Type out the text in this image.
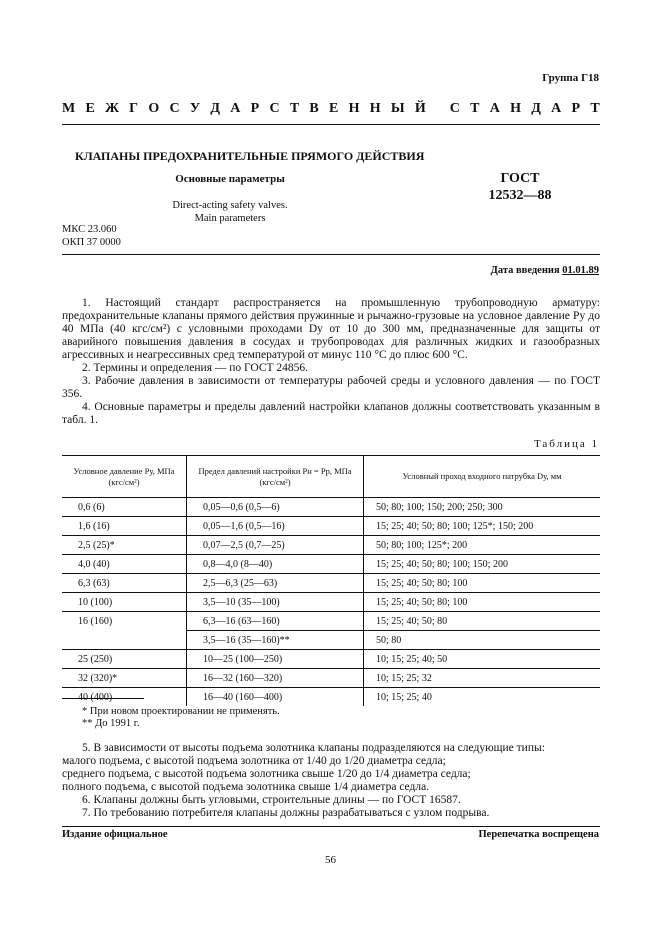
Группа Г18
М Е Ж Г О С У Д А Р С Т В Е Н Н Ы Й
С Т А Н Д А Р Т
КЛАПАНЫ ПРЕДОХРАНИТЕЛЬНЫЕ ПРЯМОГО ДЕЙСТВИЯ
Основные параметры
Direct-acting safety valves.
Main parameters
ГОСТ
12532—88
МКС 23.060
ОКП 37 0000
Дата введения 01.01.89

1. Настоящий стандарт распространяется на промышленную трубопроводную арматуру: предохранительные клапаны прямого действия пружинные и рычажно-грузовые на условное давление Pу до 40 МПа (40 кгс/см²) с условными проходами Dу от 10 до 300 мм, предназначенные для защиты от аварийного повышения давления в сосудах и трубопроводах для различных жидких и газообразных агрессивных и неагрессивных сред температурой от минус 110 °С до плюс 600 °С.

2. Термины и определения — по ГОСТ 24856.

3. Рабочие давления в зависимости от температуры рабочей среды и условного давления — по ГОСТ 356.

4. Основные параметры и пределы давлений настройки клапанов должны соответствовать указанным в табл. 1.

Таблица 1
Условное давление Pу, МПа (кгс/см²)	Предел давлений настройки Pн = Pр, МПа (кгс/см²)	Условный проход входного патрубка Dу, мм
0,6 (6)	0,05—0,6 (0,5—6)	50; 80; 100; 150; 200; 250; 300
1,6 (16)	0,05—1,6 (0,5—16)	15; 25; 40; 50; 80; 100; 125*; 150; 200
2,5 (25)*	0,07—2,5 (0,7—25)	50; 80; 100; 125*; 200
4,0 (40)	0,8—4,0 (8—40)	15; 25; 40; 50; 80; 100; 150; 200
6,3 (63)	2,5—6,3 (25—63)	15; 25; 40; 50; 80; 100
10 (100)	3,5—10 (35—100)	15; 25; 40; 50; 80; 100
16 (160)	6,3—16 (63—160)	15; 25; 40; 50; 80
	3,5—16 (35—160)**	50; 80
25 (250)	10—25 (100—250)	10; 15; 25; 40; 50
32 (320)*	16—32 (160—320)	10; 15; 25; 32
40 (400)	16—40 (160—400)	10; 15; 25; 40
* При новом проектировании не применять.
** До 1991 г.

5. В зависимости от высоты подъема золотника клапаны подразделяются на следующие типы:

малого подъема, с высотой подъема золотника от 1/40 до 1/20 диаметра седла;

среднего подъема, с высотой подъема золотника свыше 1/20 до 1/4 диаметра седла;

полного подъема, с высотой подъема золотника свыше 1/4 диаметра седла.

6. Клапаны должны быть угловыми, строительные длины — по ГОСТ 16587.

7. По требованию потребителя клапаны должны разрабатываться с узлом подрыва.

Издание официальное	Перепечатка воспрещена
56
